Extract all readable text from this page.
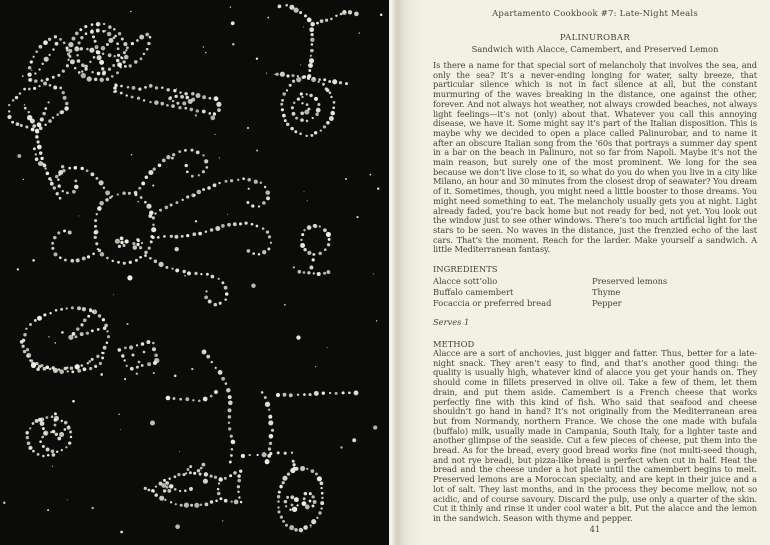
Apartamento Cookbook #7: Late-Night Meals
PALINUROBAR
Sandwich with Alacce, Camembert, and Preserved Lemon
Is there a name for that special sort of melancholy that involves the sea, and only the sea? It’s a never-ending longing for water, salty breeze, that particular silence which is not in fact silence at all, but the constant murmuring of the waves breaking in the distance, one against the other, forever. And not always hot weather, not always crowded beaches, not always light feelings—it’s not (only) about that. Whatever you call this annoying disease, we have it. Some might say it’s part of the Italian disposition. This is maybe why we decided to open a place called Palinurobar, and to name it after an obscure Italian song from the ’60s that portrays a summer day spent in a bar on the beach in Palinuro, not so far from Napoli. Maybe it’s not the main reason, but surely one of the most prominent. We long for the sea because we don’t live close to it, so what do you do when you live in a city like Milano, an hour and 30 minutes from the closest drop of seawater? You dream of it. Sometimes, though, you might need a little booster to those dreams. You might need something to eat. The melancholy usually gets you at night. Light already faded, you’re back home but not ready for bed, not yet. You look out the window just to see other windows. There’s too much artificial light for the stars to be seen. No waves in the distance, just the frenzied echo of the last cars. That’s the moment. Reach for the larder. Make yourself a sandwich. A little Mediterranean fantasy.
INGREDIENTS
Alacce sott’olio	Preserved lemons
Buffalo camembert	Thyme
Focaccia or preferred bread	Pepper
Serves 1
METHOD
Alacce are a sort of anchovies, just bigger and fatter. Thus, better for a late-night snack. They aren’t easy to find, and that’s another good thing: the quality is usually high, whatever kind of alacce you get your hands on. They should come in fillets preserved in olive oil. Take a few of them, let them drain, and put them aside. Camembert is a French cheese that works perfectly fine with this kind of fish. Who said that seafood and cheese shouldn’t go hand in hand? It’s not originally from the Mediterranean area but from Normandy, northern France. We chose the one made with bufala (buffalo) milk, usually made in Campania, South Italy, for a lighter taste and another glimpse of the seaside. Cut a few pieces of cheese, put them into the bread. As for the bread, every good bread works fine (not multi-seed though, and not rye bread), but pizza-like bread is perfect when cut in half. Heat the bread and the cheese under a hot plate until the camembert begins to melt. Preserved lemons are a Moroccan specialty, and are kept in their juice and a lot of salt. They last months, and in the process they become mellow, not so acidic, and of course savoury. Discard the pulp, use only a quarter of the skin. Cut it thinly and rinse it under cool water a bit. Put the alacce and the lemon in the sandwich. Season with thyme and pepper.
41
